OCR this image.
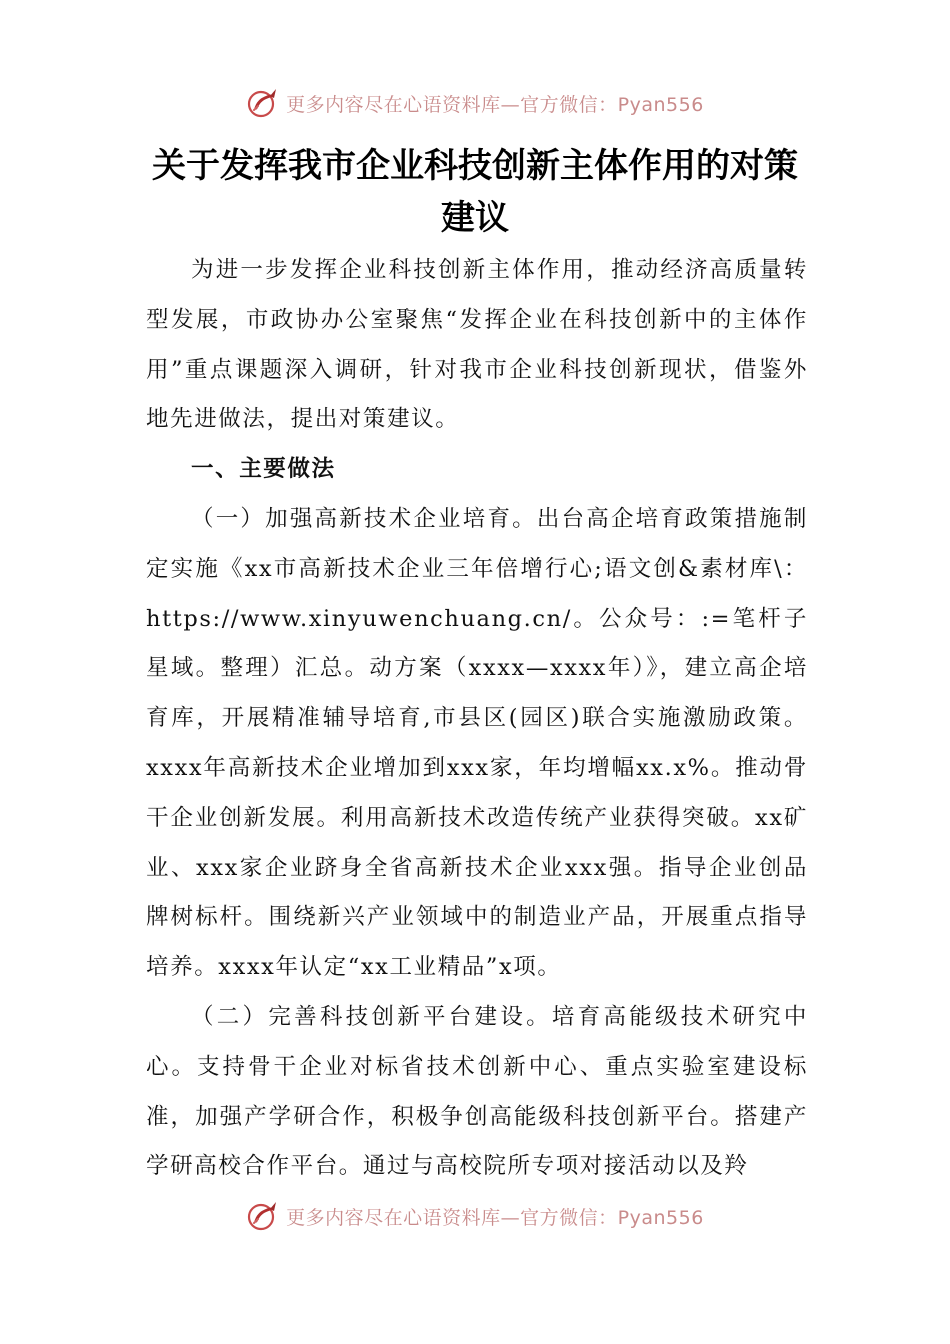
更多内容尽在心语资料库—官方微信：Pyan556
关于发挥我市企业科技创新主体作用的对策建议

为进一步发挥企业科技创新主体作用，推动经济高质量转型发展，市政协办公室聚焦“发挥企业在科技创新中的主体作用”重点课题深入调研，针对我市企业科技创新现状，借鉴外地先进做法，提出对策建议。

一、主要做法

（一）加强高新技术企业培育。出台高企培育政策措施制定实施《xx市高新技术企业三年倍增行心;语文创&素材库\：https://www.xinyuwenchuang.cn/。公众号：:=笔杆子星域。整理）汇总。动方案（xxxx—xxxx年）》，建立高企培育库，开展精准辅导培育,市县区(园区)联合实施激励政策。xxxx年高新技术企业增加到xxx家，年均增幅xx.x%。推动骨干企业创新发展。利用高新技术改造传统产业获得突破。xx矿业、xxx家企业跻身全省高新技术企业xxx强。指导企业创品牌树标杆。围绕新兴产业领域中的制造业产品，开展重点指导培养。xxxx年认定“xx工业精品”x项。

（二）完善科技创新平台建设。培育高能级技术研究中心。支持骨干企业对标省技术创新中心、重点实验室建设标准，加强产学研合作，积极争创高能级科技创新平台。搭建产学研高校合作平台。通过与高校院所专项对接活动以及羚

更多内容尽在心语资料库—官方微信：Pyan556
